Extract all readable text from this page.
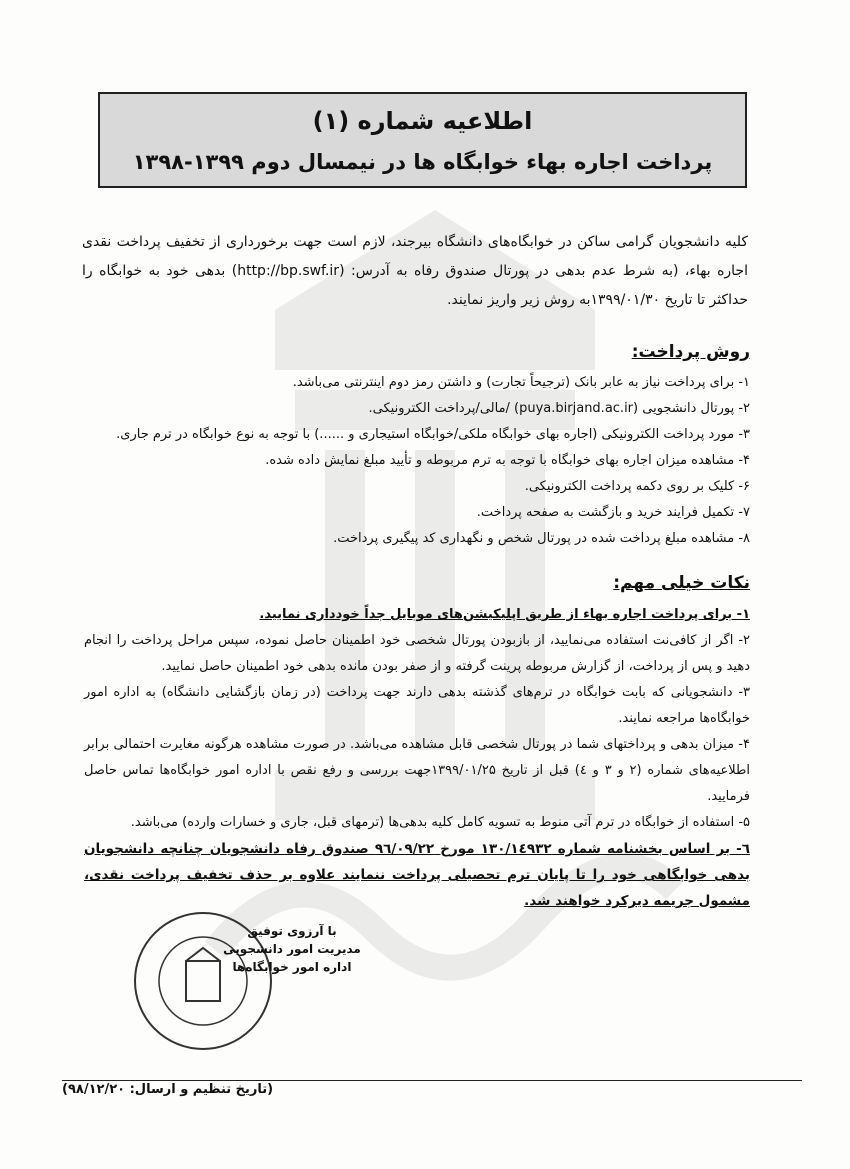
اطلاعیه شماره (۱)
پرداخت اجاره بهاء خوابگاه ها در نیمسال دوم ۱۳۹۹-۱۳۹۸

کلیه دانشجویان گرامی ساکن در خوابگاه‌های دانشگاه بیرجند، لازم است جهت برخورداری از تخفیف پرداخت نقدی اجاره بهاء، (به شرط عدم بدهی در پورتال صندوق رفاه به آدرس: (http://bp.swf.ir) بدهی خود به خوابگاه را حداکثر تا تاریخ ۱۳۹۹/۰۱/۳۰به روش زیر واریز نمایند.

روش پرداخت:
۱- برای پرداخت نیاز به عابر بانک (ترجیحاً تجارت) و داشتن رمز دوم اینترنتی می‌باشد.
۲- پورتال دانشجویی (puya.birjand.ac.ir) /مالی/پرداخت الکترونیکی.
۳- مورد پرداخت الکترونیکی (اجاره بهای خوابگاه ملکی/خوابگاه استیجاری و ......) با توجه به نوع خوابگاه در ترم جاری.
۴- مشاهده میزان اجاره بهای خوابگاه با توجه به ترم مربوطه و تأیید مبلغ نمایش داده شده.
۶- کلیک بر روی دکمه پرداخت الکترونیکی.
۷- تکمیل فرایند خرید و بازگشت به صفحه پرداخت.
۸- مشاهده مبلغ پرداخت شده در پورتال شخص و نگهداری کد پیگیری پرداخت.
نکات خیلی مهم:
۱- برای پرداخت اجاره بهاء از طریق اپلیکیشن‌های موبایل جداً خودداری نمایید.
۲- اگر از کافی‌نت استفاده می‌نمایید، از بازبودن پورتال شخصی خود اطمینان حاصل نموده، سپس مراحل پرداخت را انجام دهید و پس از پرداخت، از گزارش مربوطه پرینت گرفته و از صفر بودن مانده بدهی خود اطمینان حاصل نمایید.
۳- دانشجویانی که بابت خوابگاه در ترم‌های گذشته بدهی دارند جهت پرداخت (در زمان بازگشایی دانشگاه) به اداره امور خوابگاه‌ها مراجعه نمایند.
۴- میزان بدهی و پرداختهای شما در پورتال شخصی قابل مشاهده می‌باشد. در صورت مشاهده هرگونه مغایرت احتمالی برابر اطلاعیه‌های شماره (۲ و ۳ و ٤) قبل از تاریخ ۱۳۹۹/۰۱/۲۵جهت بررسی و رفع نقص با اداره امور خوابگاه‌ها تماس حاصل فرمایید.
۵- استفاده از خوابگاه در ترم آتی منوط به تسویه کامل کلیه بدهی‌ها (ترمهای قبل، جاری و خسارات وارده) می‌باشد.
٦- بر اساس بخشنامه شماره ۱۳۰/۱٤۹۳۲ مورخ ۹٦/۰۹/۲۲ صندوق رفاه دانشجویان چنانچه دانشجویان بدهی خوابگاهی خود را تا پایان ترم تحصیلی پرداخت ننمایند علاوه بر حذف تخفیف پرداخت نقدی، مشمول جریمه دیرکرد خواهند شد.
با آرزوی توفیق
مدیریت امور دانشجویی
اداره امور خوابگاه‌ها
(تاریخ تنظیم و ارسال: ۹۸/۱۲/۲۰)
